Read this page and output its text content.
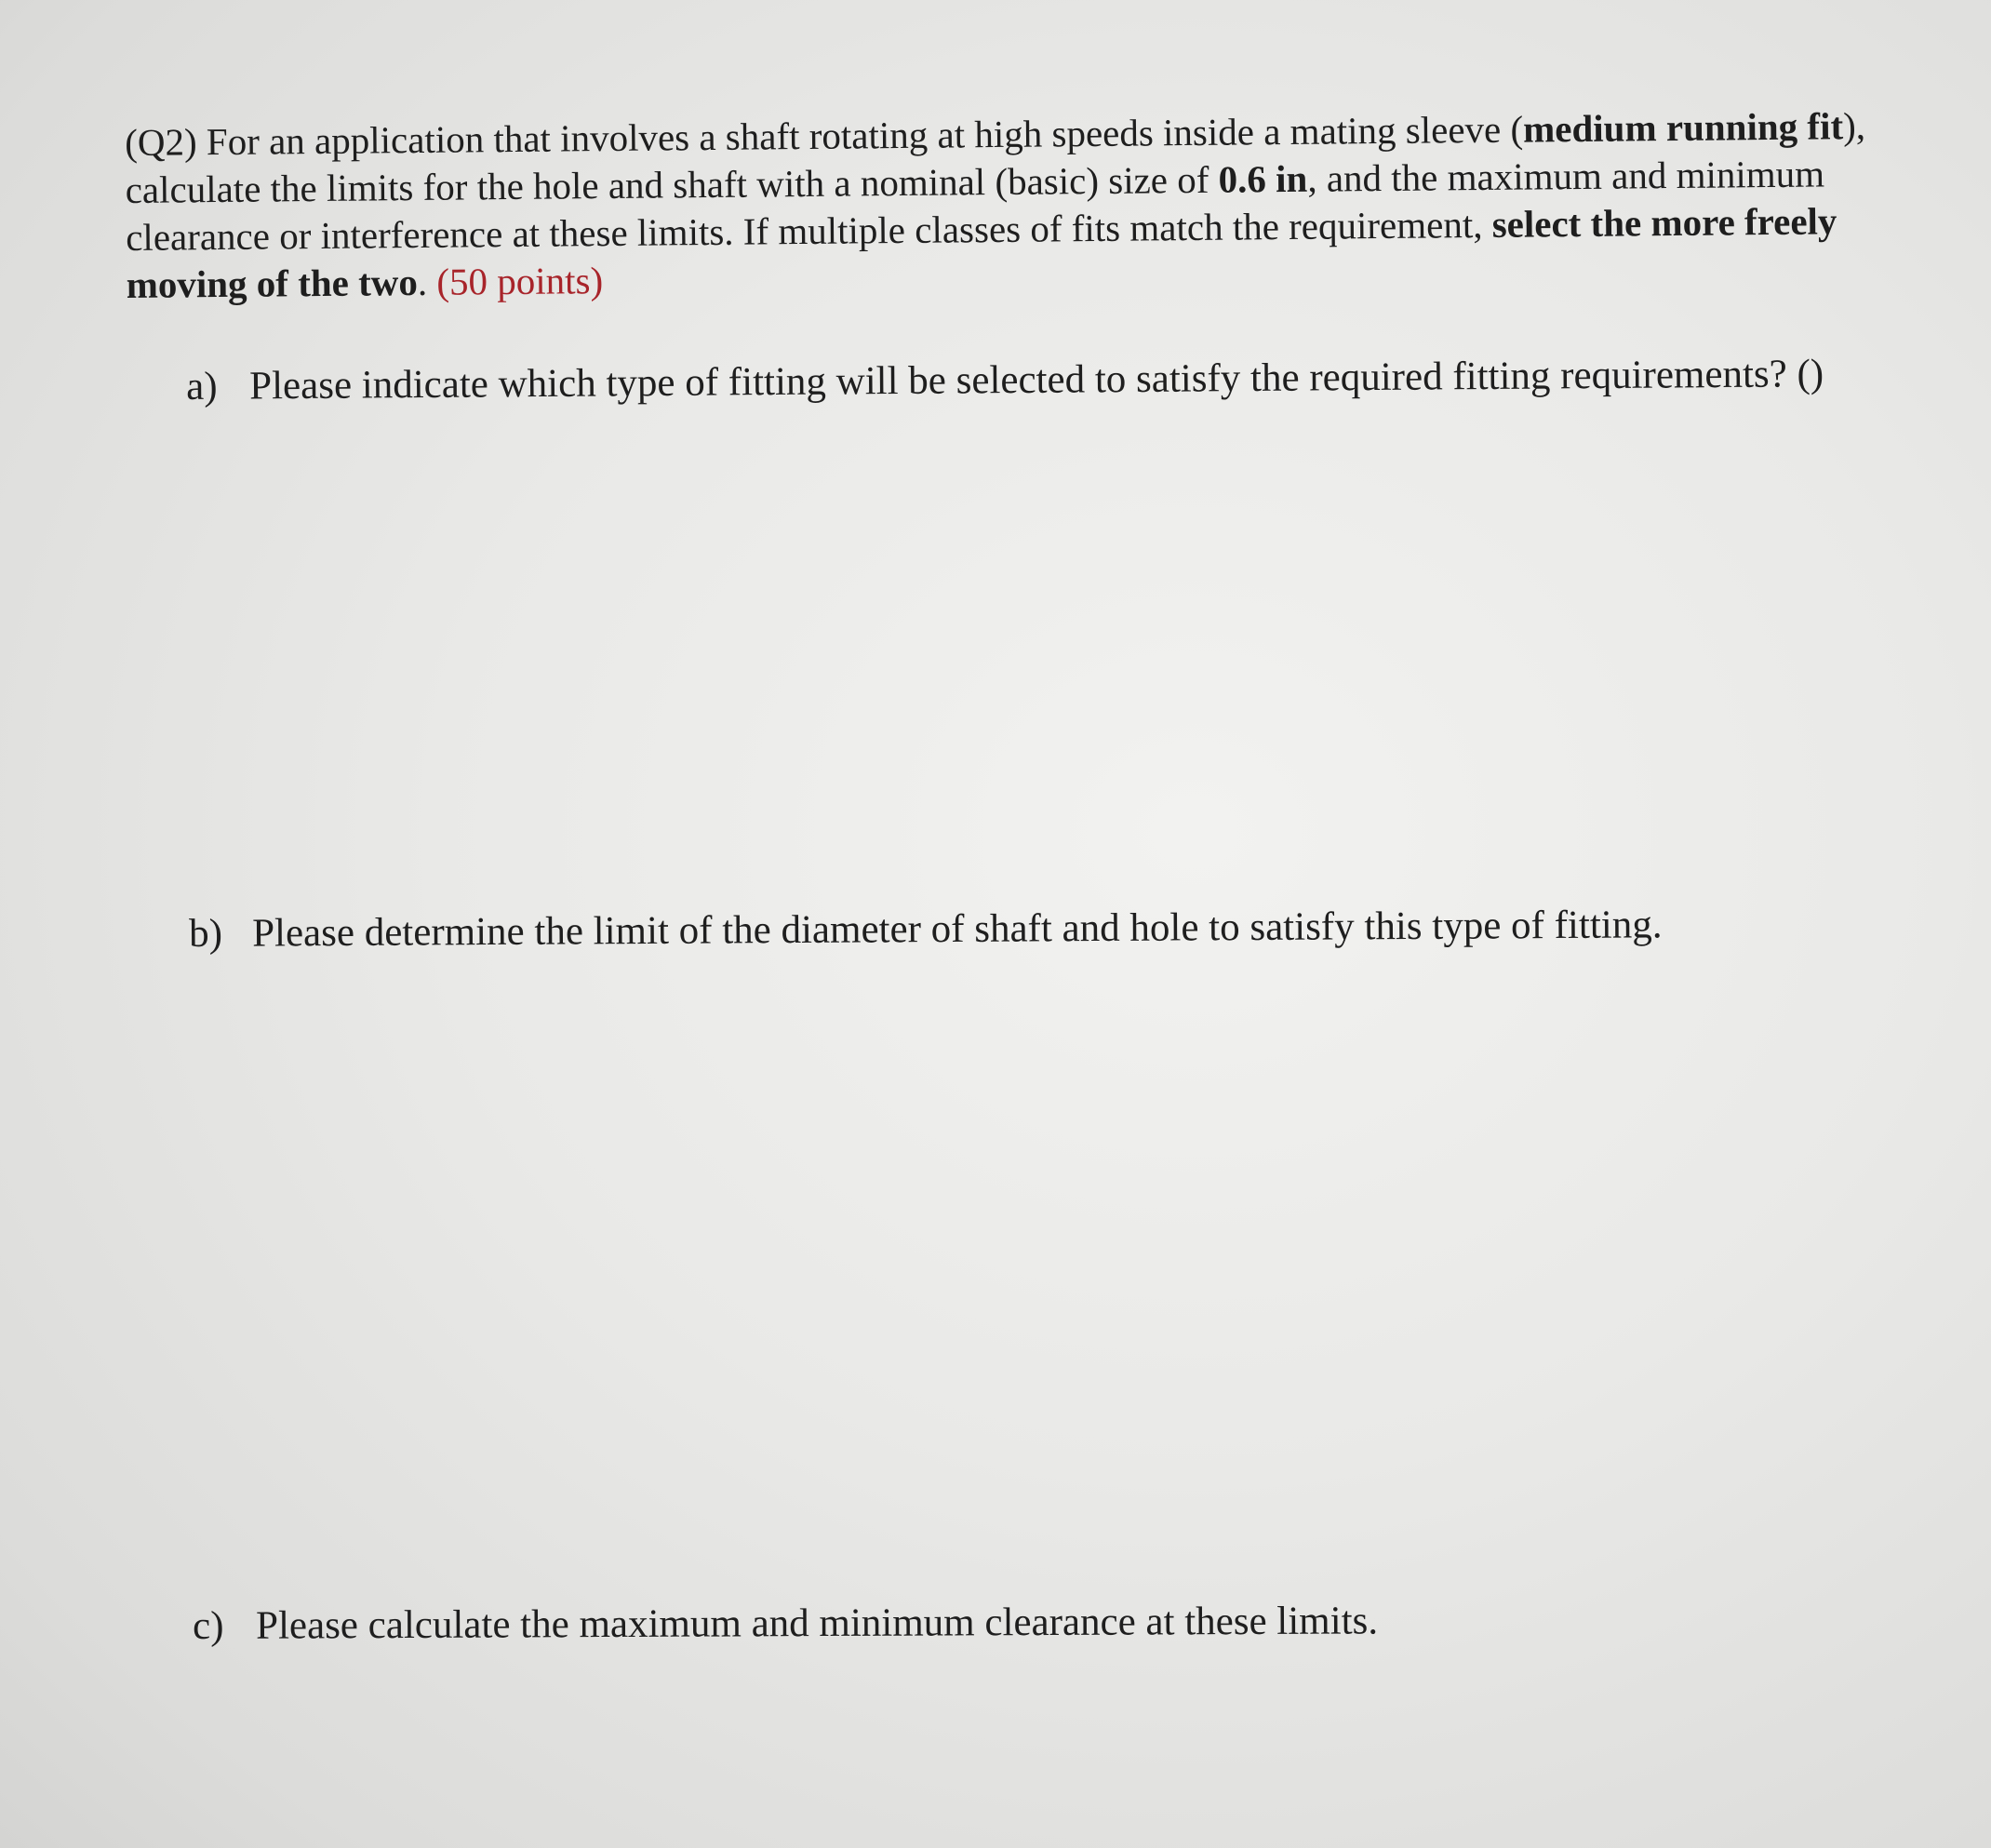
(Q2) For an application that involves a shaft rotating at high speeds inside a mating sleeve (medium running fit), calculate the limits for the hole and shaft with a nominal (basic) size of 0.6 in, and the maximum and minimum clearance or interference at these limits. If multiple classes of fits match the requirement, select the more freely moving of the two. (50 points)
a) Please indicate which type of fitting will be selected to satisfy the required fitting requirements? ()
b) Please determine the limit of the diameter of shaft and hole to satisfy this type of fitting.
c) Please calculate the maximum and minimum clearance at these limits.
